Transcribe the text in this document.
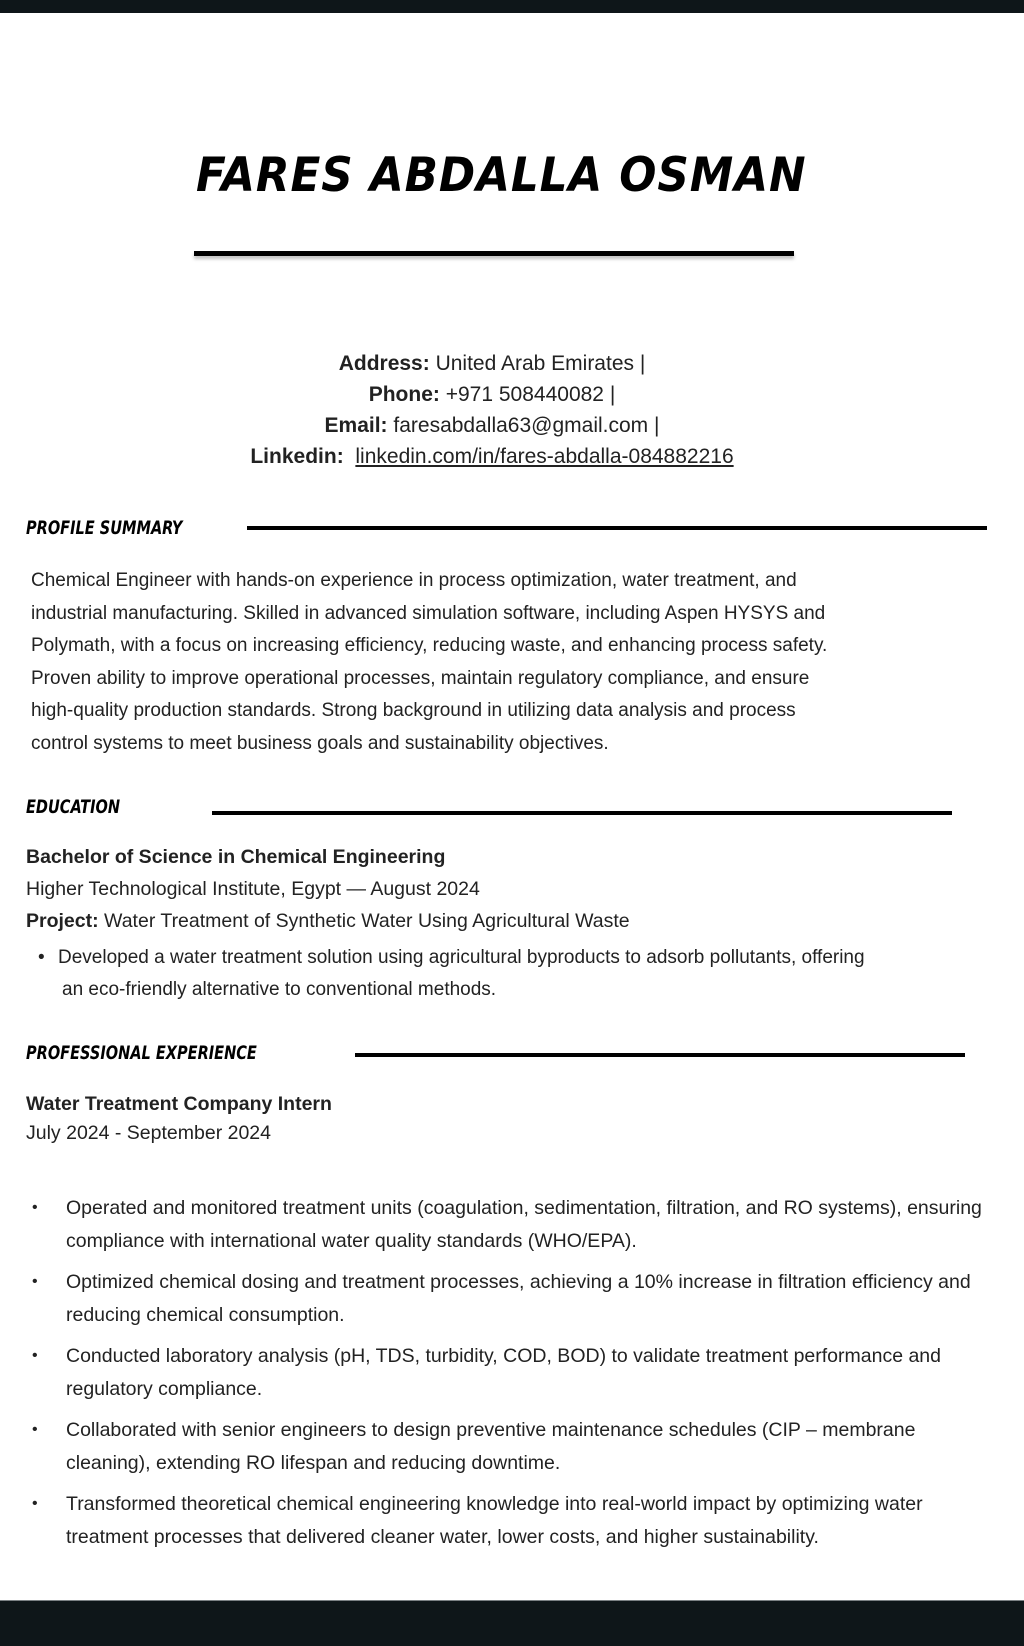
FARES ABDALLA OSMAN
Address: United Arab Emirates |
Phone: +971 508440082 |
Email: faresabdalla63@gmail.com |
Linkedin: linkedin.com/in/fares-abdalla-084882216
PROFILE SUMMARY
Chemical Engineer with hands-on experience in process optimization, water treatment, and
industrial manufacturing. Skilled in advanced simulation software, including Aspen HYSYS and
Polymath, with a focus on increasing efficiency, reducing waste, and enhancing process safety.
Proven ability to improve operational processes, maintain regulatory compliance, and ensure
high-quality production standards. Strong background in utilizing data analysis and process
control systems to meet business goals and sustainability objectives.
EDUCATION
Bachelor of Science in Chemical Engineering
Higher Technological Institute, Egypt — August 2024
Project: Water Treatment of Synthetic Water Using Agricultural Waste
• Developed a water treatment solution using agricultural byproducts to adsorb pollutants, offering
an eco-friendly alternative to conventional methods.
PROFESSIONAL EXPERIENCE
Water Treatment Company Intern
July 2024 - September 2024
• Operated and monitored treatment units (coagulation, sedimentation, filtration, and RO systems), ensuring compliance with international water quality standards (WHO/EPA).
• Optimized chemical dosing and treatment processes, achieving a 10% increase in filtration efficiency and reducing chemical consumption.
• Conducted laboratory analysis (pH, TDS, turbidity, COD, BOD) to validate treatment performance and regulatory compliance.
• Collaborated with senior engineers to design preventive maintenance schedules (CIP – membrane cleaning), extending RO lifespan and reducing downtime.
• Transformed theoretical chemical engineering knowledge into real-world impact by optimizing water treatment processes that delivered cleaner water, lower costs, and higher sustainability.
